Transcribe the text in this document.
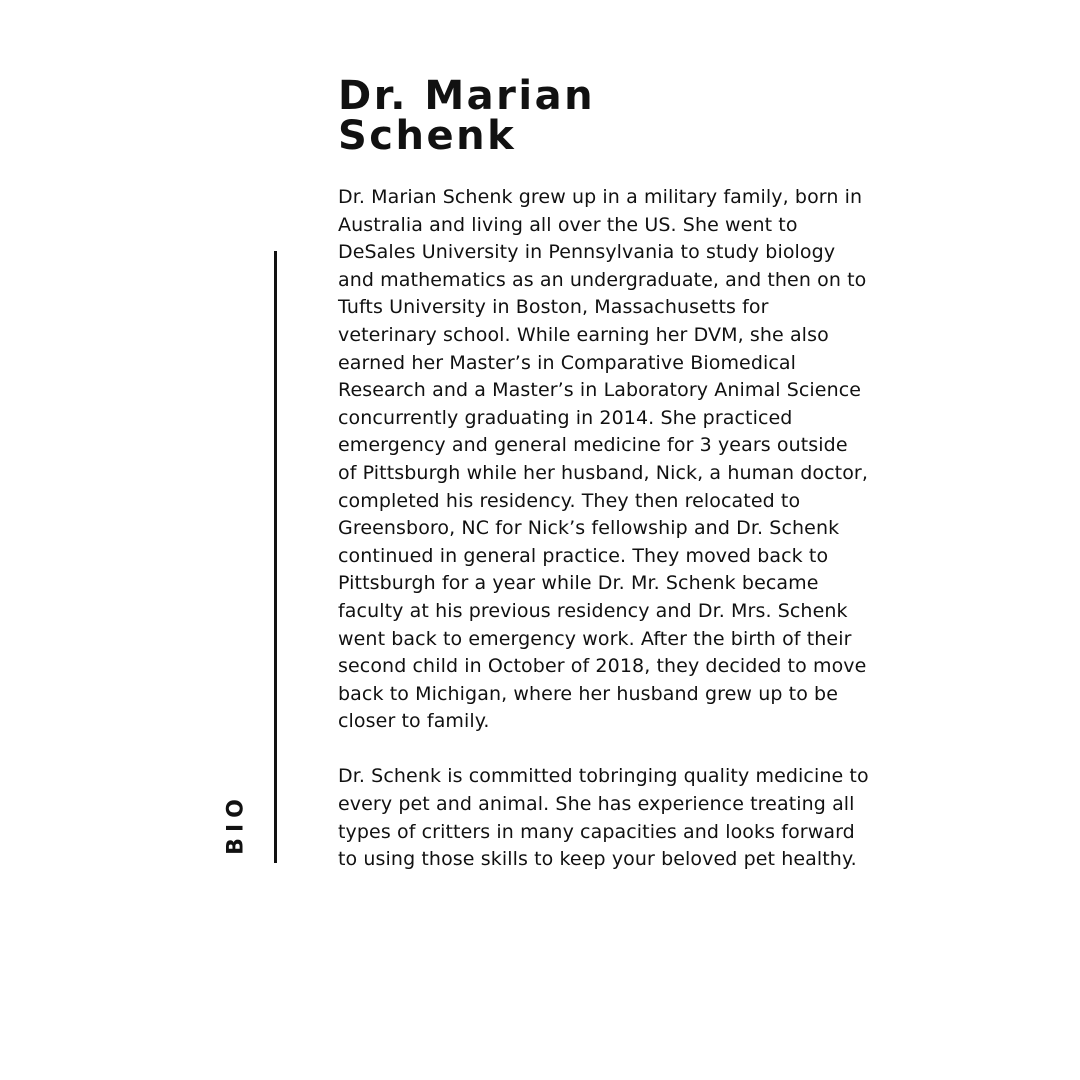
Dr. Marian
Schenk
BIO
Dr. Marian Schenk grew up in a military family, born in
Australia and living all over the US. She went to
DeSales University in Pennsylvania to study biology
and mathematics as an undergraduate, and then on to
Tufts University in Boston, Massachusetts for
veterinary school. While earning her DVM, she also
earned her Master’s in Comparative Biomedical
Research and a Master’s in Laboratory Animal Science
concurrently graduating in 2014. She practiced
emergency and general medicine for 3 years outside
of Pittsburgh while her husband, Nick, a human doctor,
completed his residency. They then relocated to
Greensboro, NC for Nick’s fellowship and Dr. Schenk
continued in general practice. They moved back to
Pittsburgh for a year while Dr. Mr. Schenk became
faculty at his previous residency and Dr. Mrs. Schenk
went back to emergency work. After the birth of their
second child in October of 2018, they decided to move
back to Michigan, where her husband grew up to be
closer to family.
Dr. Schenk is committed tobringing quality medicine to
every pet and animal. She has experience treating all
types of critters in many capacities and looks forward
to using those skills to keep your beloved pet healthy.
